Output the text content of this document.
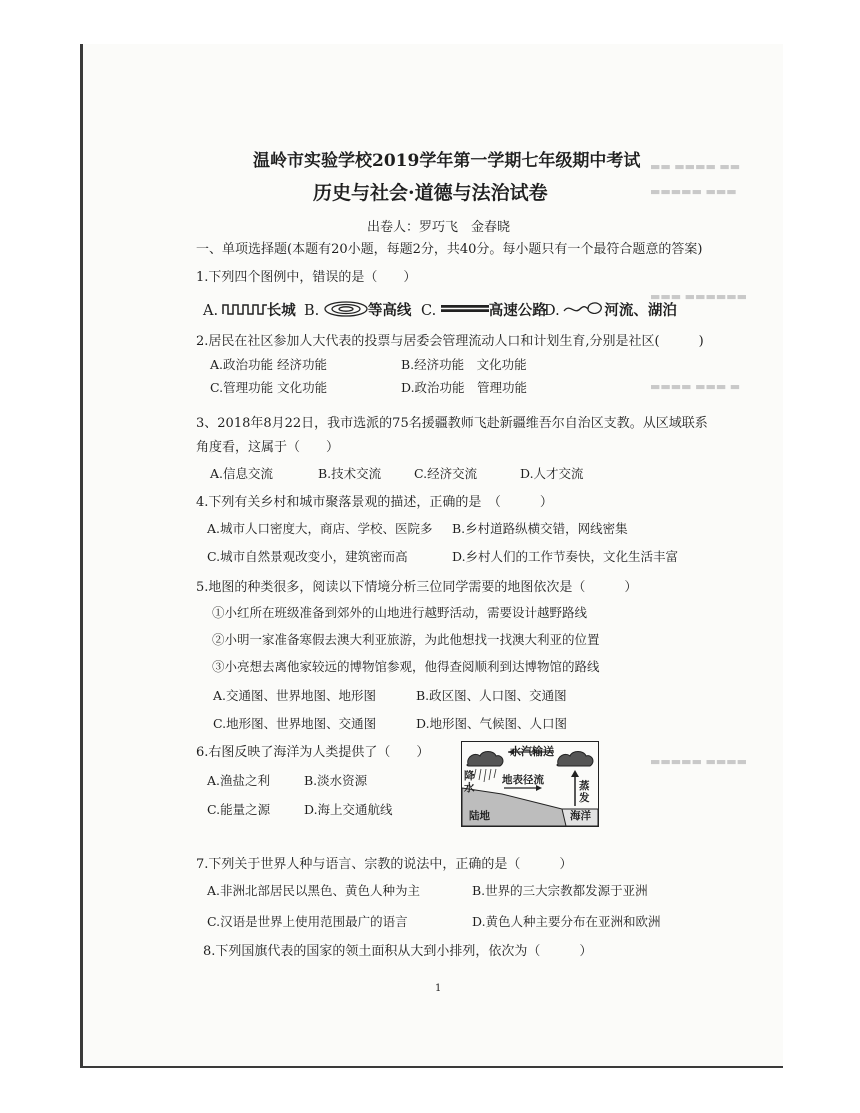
▬▬ ▬▬▬▬ ▬▬
▬▬▬▬▬ ▬▬▬
▬▬▬ ▬▬▬▬▬▬
▬▬▬▬ ▬▬▬ ▬
▬▬▬▬▬ ▬▬▬▬
温岭市实验学校2019学年第一学期七年级期中考试
历史与社会·道德与法治试卷
出卷人：罗巧飞　金春晓
一、单项选择题(本题有20小题，每题2分，共40分。每小题只有一个最符合题意的答案)
1.下列四个图例中，错误的是（　　）
A.	长城 B.	等高线 C.	高速公路
D.	河流、湖泊
2.居民在社区参加人大代表的投票与居委会管理流动人口和计划生育,分别是社区(　　　)
A.政治功能 经济功能	B.经济功能　文化功能
C.管理功能 文化功能	D.政治功能　管理功能
3、2018年8月22日，我市选派的75名援疆教师飞赴新疆维吾尔自治区支教。从区域联系
角度看，这属于（　　）
A.信息交流	B.技术交流	C.经济交流	D.人才交流
4.下列有关乡村和城市聚落景观的描述，正确的是　（　　　）
A.城市人口密度大，商店、学校、医院多 B.乡村道路纵横交错，网线密集
C.城市自然景观改变小，建筑密而高	D.乡村人们的工作节奏快，文化生活丰富
5.地图的种类很多，阅读以下情境分析三位同学需要的地图依次是（　　　）
①小红所在班级准备到郊外的山地进行越野活动，需要设计越野路线
②小明一家准备寒假去澳大利亚旅游，为此他想找一找澳大利亚的位置
③小亮想去离他家较远的博物馆参观，他得查阅顺利到达博物馆的路线
A.交通图、世界地图、地形图	B.政区图、人口图、交通图
C.地形图、世界地图、交通图	D.地形图、气候图、人口图
6.右图反映了海洋为人类提供了（　　）
A.渔盐之利	B.淡水资源
C.能量之源	D.海上交通航线
水汽输送
降水
地表径流	蒸发
陆地	海洋
7.下列关于世界人种与语言、宗教的说法中，正确的是（　　　）
A.非洲北部居民以黑色、黄色人种为主	B.世界的三大宗教都发源于亚洲
C.汉语是世界上使用范围最广的语言	D.黄色人种主要分布在亚洲和欧洲
8.下列国旗代表的国家的领土面积从大到小排列，依次为（　　　）
1
